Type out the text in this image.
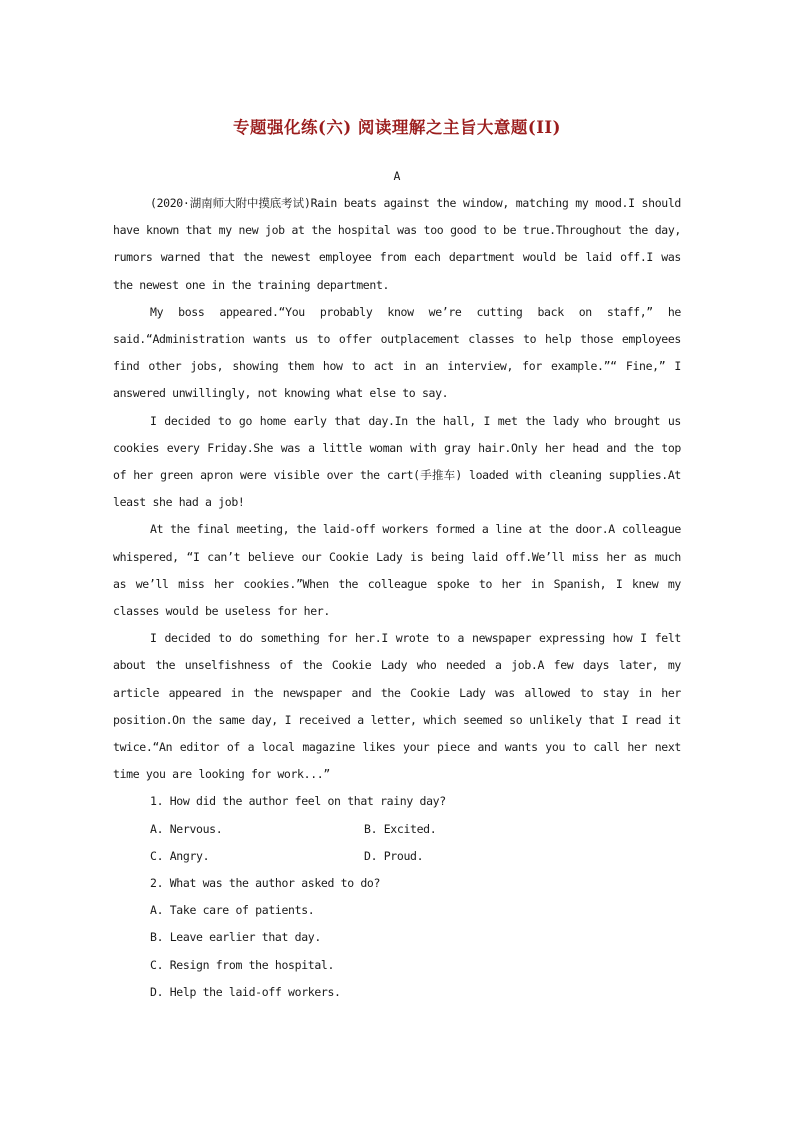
专题强化练(六) 阅读理解之主旨大意题(II)
A

(2020·湖南师大附中摸底考试)Rain beats against the window, matching my mood.I should have known that my new job at the hospital was too good to be true.Throughout the day, rumors warned that the newest employee from each department would be laid off.I was the newest one in the training department.

My boss appeared.“You probably know we’re cutting back on staff,” he said.“Administration wants us to offer outplacement classes to help those employees find other jobs, showing them how to act in an interview, for example.”“ Fine,” I answered unwillingly, not knowing what else to say.

I decided to go home early that day.In the hall, I met the lady who brought us cookies every Friday.She was a little woman with gray hair.Only her head and the top of her green apron were visible over the cart(手推车) loaded with cleaning supplies.At least she had a job!

At the final meeting, the laid-off workers formed a line at the door.A colleague whispered, “I can’t believe our Cookie Lady is being laid off.We’ll miss her as much as we’ll miss her cookies.”When the colleague spoke to her in Spanish, I knew my classes would be useless for her.

I decided to do something for her.I wrote to a newspaper expressing how I felt about the unselfishness of the Cookie Lady who needed a job.A few days later, my article appeared in the newspaper and the Cookie Lady was allowed to stay in her position.On the same day, I received a letter, which seemed so unlikely that I read it twice.“An editor of a local magazine likes your piece and wants you to call her next time you are looking for work...”

1. How did the author feel on that rainy day?
A. Nervous.	B. Excited.
C. Angry.	D. Proud.
2. What was the author asked to do?
A. Take care of patients.
B. Leave earlier that day.
C. Resign from the hospital.
D. Help the laid-off workers.
